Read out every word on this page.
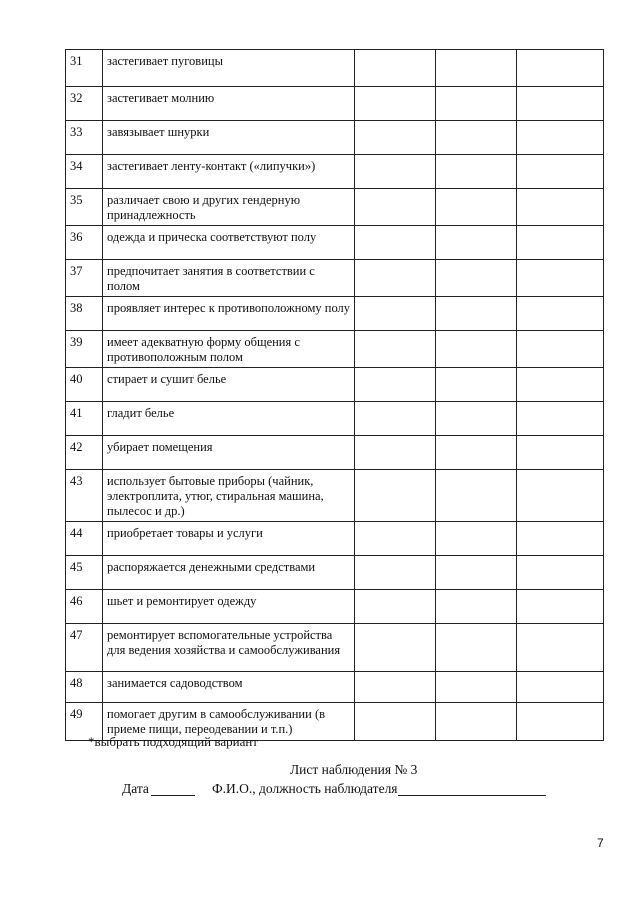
31	застегивает пуговицы			
32	застегивает молнию			
33	завязывает шнурки			
34	застегивает ленту-контакт («липучки»)			
35	различает свою и других гендерную принадлежность			
36	одежда и прическа соответствуют полу			
37	предпочитает занятия в соответствии с полом			
38	проявляет интерес к противоположному полу			
39	имеет адекватную форму общения с противоположным полом			
40	стирает и сушит белье			
41	гладит белье			
42	убирает помещения			
43	использует бытовые приборы (чайник, электроплита, утюг, стиральная машина, пылесос и др.)			
44	приобретает товары и услуги			
45	распоряжается денежными средствами			
46	шьет и ремонтирует одежду			
47	ремонтирует вспомогательные устройства для ведения хозяйства и самообслуживания			
48	занимается садоводством			
49	помогает другим в самообслуживании (в приеме пищи, переодевании и т.п.)			
*выбрать подходящий вариант
Лист наблюдения № 3
Дата	Ф.И.О., должность наблюдателя
7
